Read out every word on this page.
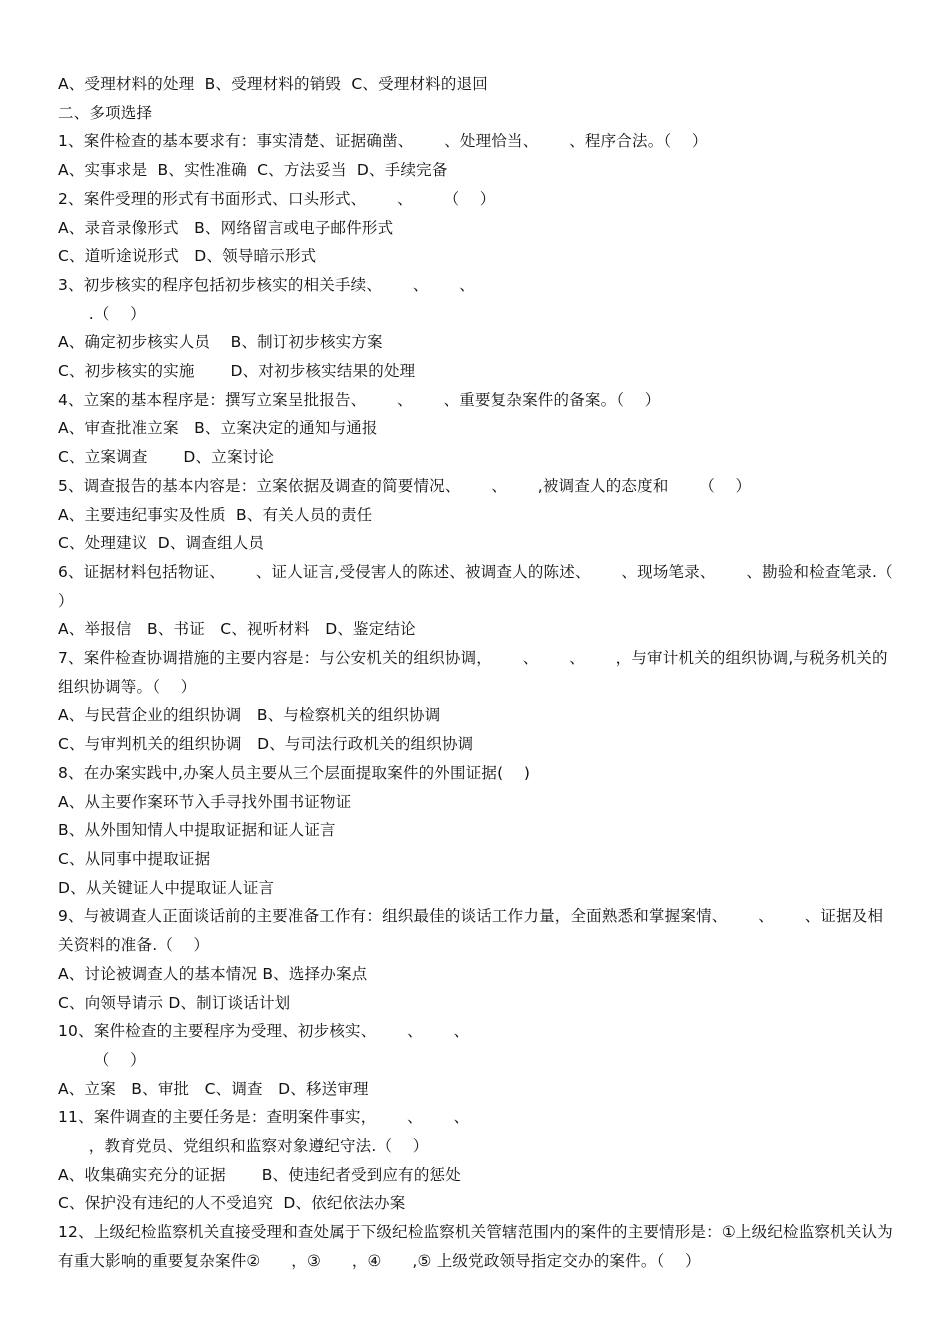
A、受理材料的处理  B、受理材料的销毁  C、受理材料的退回
二、多项选择
1、案件检查的基本要求有：事实清楚、证据确凿、      、处理恰当、      、程序合法。（    ）
A、实事求是  B、实性准确  C、方法妥当  D、手续完备
2、案件受理的形式有书面形式、口头形式、      、      （    ）
A、录音录像形式   B、网络留言或电子邮件形式
C、道听途说形式   D、领导暗示形式
3、初步核实的程序包括初步核实的相关手续、      、      、
.（    ）
A、确定初步核实人员    B、制订初步核实方案
C、初步核实的实施       D、对初步核实结果的处理
4、立案的基本程序是：撰写立案呈批报告、      、      、重要复杂案件的备案。（    ）
A、审查批准立案   B、立案决定的通知与通报
C、立案调查       D、立案讨论
5、调查报告的基本内容是：立案依据及调查的简要情况、      、      ,被调查人的态度和      （    ）
A、主要违纪事实及性质  B、有关人员的责任
C、处理建议  D、调查组人员
6、证据材料包括物证、      、证人证言,受侵害人的陈述、被调查人的陈述、      、现场笔录、      、勘验和检查笔录.（    ）
A、举报信   B、书证   C、视听材料   D、鉴定结论
7、案件检查协调措施的主要内容是：与公安机关的组织协调，      、      、      ，与审计机关的组织协调,与税务机关的组织协调等。（    ）
A、与民营企业的组织协调   B、与检察机关的组织协调
C、与审判机关的组织协调   D、与司法行政机关的组织协调
8、在办案实践中,办案人员主要从三个层面提取案件的外围证据(    )
A、从主要作案环节入手寻找外围书证物证
B、从外围知情人中提取证据和证人证言
C、从同事中提取证据
D、从关键证人中提取证人证言
9、与被调查人正面谈话前的主要准备工作有：组织最佳的谈话工作力量，全面熟悉和掌握案情、      、      、证据及相关资料的准备.（    ）
A、讨论被调查人的基本情况 B、选择办案点
C、向领导请示 D、制订谈话计划
10、案件检查的主要程序为受理、初步核实、      、      、
（    ）
A、立案   B、审批   C、调查   D、移送审理
11、案件调查的主要任务是：查明案件事实，      、      、
，教育党员、党组织和监察对象遵纪守法.（    ）
A、收集确实充分的证据       B、使违纪者受到应有的惩处
C、保护没有违纪的人不受追究  D、依纪依法办案
12、上级纪检监察机关直接受理和查处属于下级纪检监察机关管辖范围内的案件的主要情形是：①上级纪检监察机关认为有重大影响的重要复杂案件②      ，③      ，④      ,⑤ 上级党政领导指定交办的案件。（    ）
